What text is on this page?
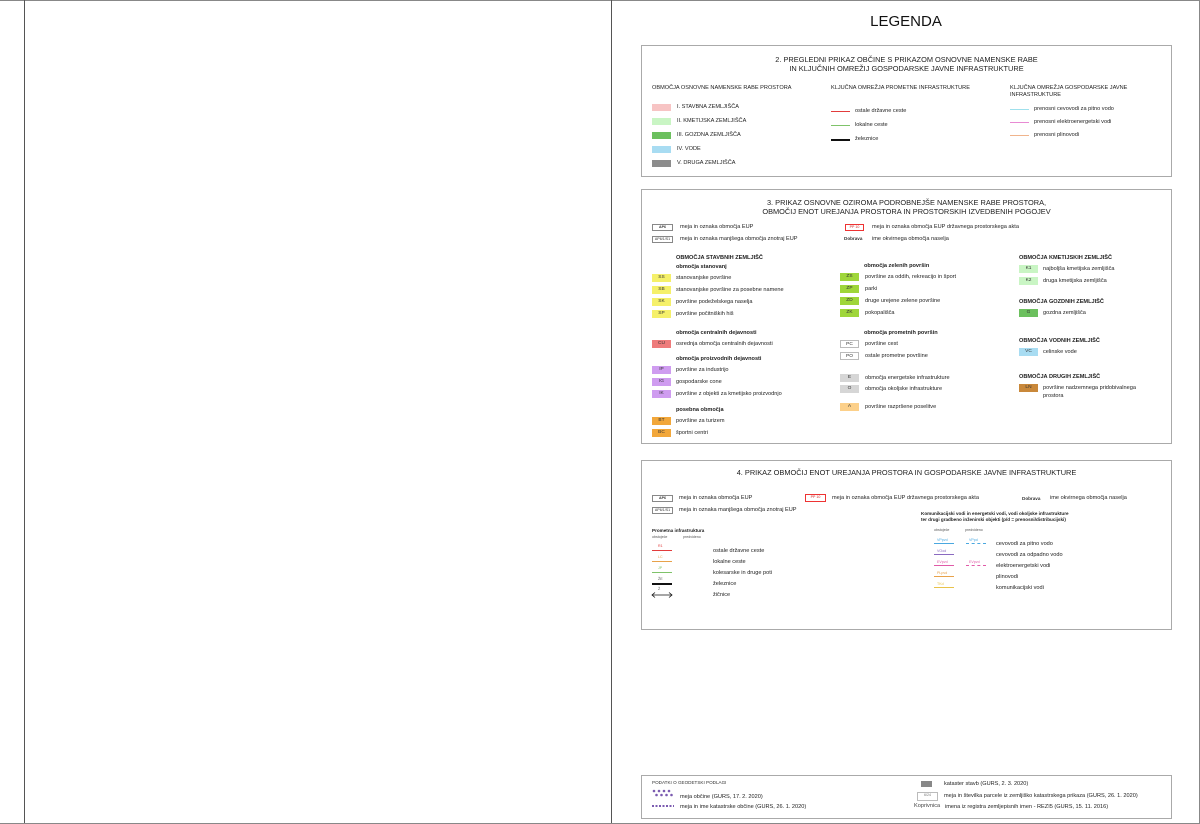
LEGENDA
2. PREGLEDNI PRIKAZ OBČINE S PRIKAZOM OSNOVNE NAMENSKE RABE
IN KLJUČNIH OMREŽIJ GOSPODARSKE JAVNE INFRASTRUKTURE
OBMOČJA OSNOVNE NAMENSKE RABE PROSTORA	KLJUČNA OMREŽJA PROMETNE INFRASTRUKTURE	KLJUČNA OMREŽJA GOSPODARSKE JAVNE
INFRASTRUKTURE
I. STAVBNA ZEMLJIŠČA
II. KMETIJSKA ZEMLJIŠČA
III. GOZDNA ZEMLJIŠČA
IV. VODE
V. DRUGA ZEMLJIŠČA
ostale državne ceste
lokalne ceste
železnice
prenosni cevovodi za pitno vodo
prenosni elektroenergetski vodi
prenosni plinovodi
3. PRIKAZ OSNOVNE OZIROMA PODROBNEJŠE NAMENSKE RABE PROSTORA,
OBMOČIJ ENOT UREJANJA PROSTORA IN PROSTORSKIH IZVEDBENIH POGOJEV
AP6	meja in oznaka območja EUP
AP6/1/S1	meja in oznaka manjšega območja znotraj EUP
PP 10	meja in oznaka območja EUP državnega prostorskega akta
Dobrava ime okvirnega območja naselja
OBMOČJA STAVBNIH ZEMLJIŠČ
območja stanovanj
SS	stanovanjske površine
SB	stanovanjske površine za posebne namene
SK	površine podeželskega naselja
SP	površine počitniških hiš
območja centralnih dejavnosti
CU	osrednja območja centralnih dejavnosti
območja proizvodnih dejavnosti
IP	površine za industrijo
IG	gospodarske cone
IK	površine z objekti za kmetijsko proizvodnjo
posebna območja
BT	površine za turizem
BC	športni centri
območja zelenih površin
ZS	površine za oddih, rekreacijo in šport
ZP	parki
ZD	druge urejene zelene površine
ZK	pokopališča
območja prometnih površin
PC	površine cest
PO	ostale prometne površine
E	območja energetske infrastrukture
O	območja okoljske infrastrukture
A	površine razpršene poselitve
OBMOČJA KMETIJSKIH ZEMLJIŠČ
K1	najboljša kmetijska zemljišča
K2	druga kmetijska zemljišča
OBMOČJA GOZDNIH ZEMLJIŠČ
G	gozdna zemljišča
OBMOČJA VODNIH ZEMLJIŠČ
VC	celinske vode
OBMOČJA DRUGIH ZEMLJIŠČ
LN	površine nadzemnega pridobivalnega
prostora
4. PRIKAZ OBMOČIJ ENOT UREJANJA PROSTORA IN GOSPODARSKE JAVNE INFRASTRUKTURE
AP6	meja in oznaka območja EUP
AP6/1/S1	meja in oznaka manjšega območja znotraj EUP
PP 10	meja in oznaka območja EUP državnega prostorskega akta	Dobrava ime okvirnega območja naselja
Prometna infrastruktura
obstoječe	predvideno
Komunikacijski vodi in energetski vodi, vodi okoljske infrastrukture
ter drugi gradbeno inženirski objekti (p/d = prenosni/distribucijski)
obstoječe	predvideno
R1
ostale državne ceste
LC
lokalne ceste
JP
kolesarske in druge poti
ŽE
železnice
Ž
žičnice
VPpvd	VPpd
cevovodi za pitno vodo
VOod
cevovodi za odpadno vodo
EVpvd	EVpvd
elektroenergetski vodi
PLpvd
plinovodi
TKd
komunikacijski vodi
PODATKI O GEODETSKI PODLAGI
meja občine (GURS, 17. 2. 2020)
meja in ime katastrske občine (GURS, 26. 1. 2020)
kataster stavb (GURS, 2. 3. 2020)
6/24	meja in številka parcele iz zemljiško katastrskega prikaza (GURS, 26. 1. 2020)
Koprivnica imena iz registra zemljepisnih imen - REZI5 (GURS, 15. 11. 2016)
